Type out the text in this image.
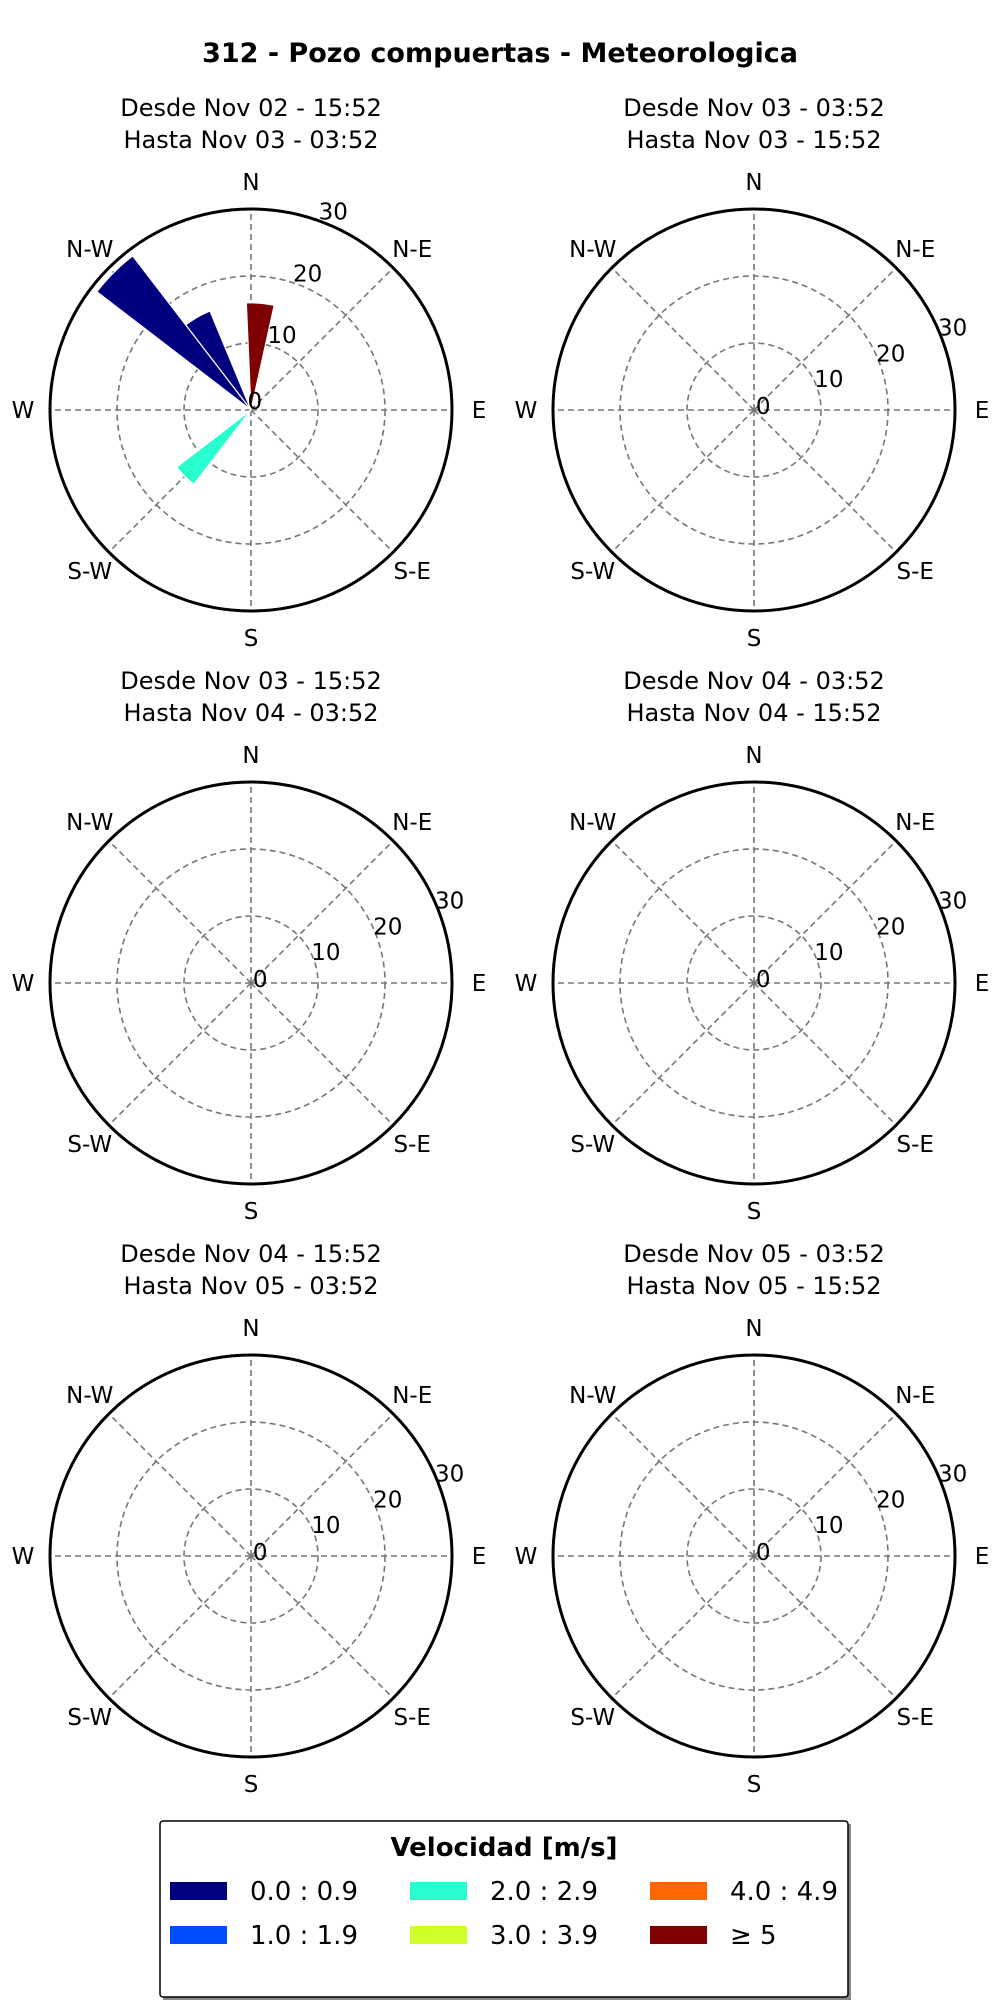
312 - Pozo compuertas - Meteorologica
Desde Nov 02 - 15:52
Hasta Nov 03 - 03:52
N
N-E
E
S-E
S
S-W
W
N-W
0
10
20
30
Desde Nov 03 - 03:52
Hasta Nov 03 - 15:52
N
N-E
E
S-E
S
S-W
W
N-W
0
10
20
30
Desde Nov 03 - 15:52
Hasta Nov 04 - 03:52
N
N-E
E
S-E
S
S-W
W
N-W
0
10
20
30
Desde Nov 04 - 03:52
Hasta Nov 04 - 15:52
N
N-E
E
S-E
S
S-W
W
N-W
0
10
20
30
Desde Nov 04 - 15:52
Hasta Nov 05 - 03:52
N
N-E
E
S-E
S
S-W
W
N-W
0
10
20
30
Desde Nov 05 - 03:52
Hasta Nov 05 - 15:52
N
N-E
E
S-E
S
S-W
W
N-W
0
10
20
30
Velocidad [m/s]
0.0 : 0.9
1.0 : 1.9
2.0 : 2.9
3.0 : 3.9
4.0 : 4.9
≥ 5
